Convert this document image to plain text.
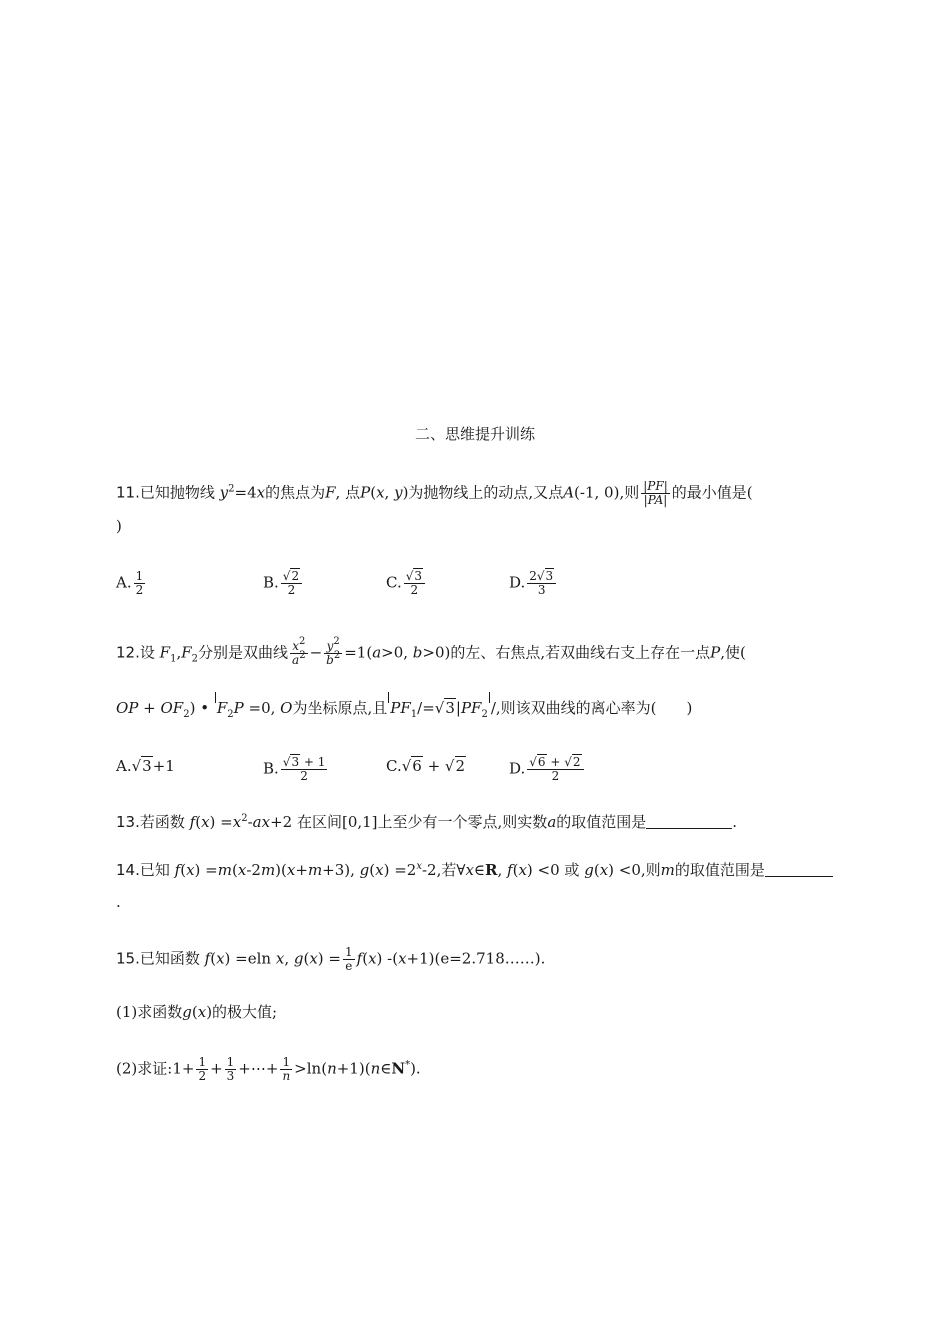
二、思维提升训练
11.已知抛物线 $y^2=4x$的焦点为F, 点P(x, y)为抛物线上的动点,又点A(-1, 0),则 $\frac{|PF|}{|PA|}$ 的最小值是(
)
A. $\frac{1}{2}$	B. $\frac{√2}{2}$	C. $\frac{√3}{2}$	D. $\frac{2√3}{3}$
12.设 $F_1,F_2$分别是双曲线 $\frac{x^2}{a^2} - \frac{y^2}{b^2} =1(a>0$, b>0)的左、右焦点,若双曲线右支上存在一点P,使(
OP + $OF_2$) • $F_2P =0$, O为坐标原点,且 $PF_1/=√3|PF_2$ /,则该双曲线的离心率为(   )
A.√3+1	B. $\frac{√3 + 1}{2}$	C.√6 + √2	D. $\frac{√6 + √2}{2}$
13.若函数 $f(x) =x^2-ax+2$ 在区间[0,1]上至少有一个零点,则实数a的取值范围是	.
14.已知 f(x) =m(x-2m)(x+m+3), $g(x) =2^x-2$,若∀x∈R, f(x) <0 或 g(x) <0,则m的取值范围是
.
15.已知函数 f(x) =eln x, $g(x) = \frac{1}{e} f(x)$ -(x+1)(e=2.718……).
(1)求函数g(x)的极大值;
(2)求证:1+ $\frac{1}{2} + \frac{1}{3}$ +⋯+ $\frac{1}{n}$ >ln(n+1)(n∈N*).
